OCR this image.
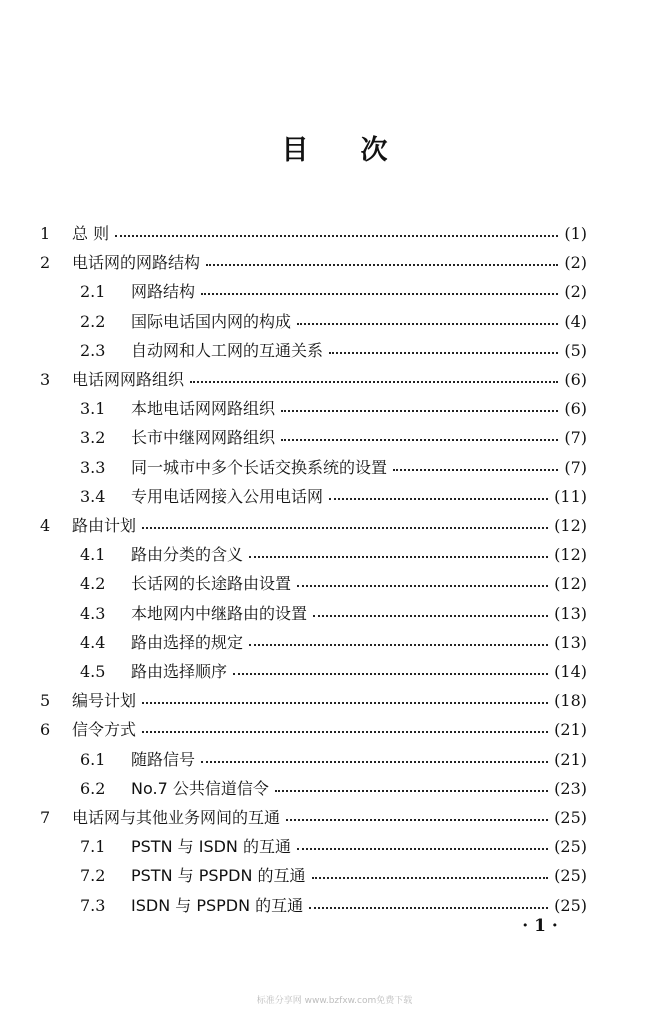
目 次
1 总 则	(1)
2 电话网的网路结构	(2)
2.1 网路结构	(2)
2.2 国际电话国内网的构成	(4)
2.3 自动网和人工网的互通关系	(5)
3 电话网网路组织	(6)
3.1 本地电话网网路组织	(6)
3.2 长市中继网网路组织	(7)
3.3 同一城市中多个长话交换系统的设置	(7)
3.4 专用电话网接入公用电话网	(11)
4 路由计划	(12)
4.1 路由分类的含义	(12)
4.2 长话网的长途路由设置	(12)
4.3 本地网内中继路由的设置	(13)
4.4 路由选择的规定	(13)
4.5 路由选择顺序	(14)
5 编号计划	(18)
6 信令方式	(21)
6.1 随路信号	(21)
6.2 No.7 公共信道信令	(23)
7 电话网与其他业务网间的互通	(25)
7.1 PSTN 与 ISDN 的互通	(25)
7.2 PSTN 与 PSPDN 的互通	(25)
7.3 ISDN 与 PSPDN 的互通	(25)
· 1 ·
标准分享网 www.bzfxw.com免费下载
